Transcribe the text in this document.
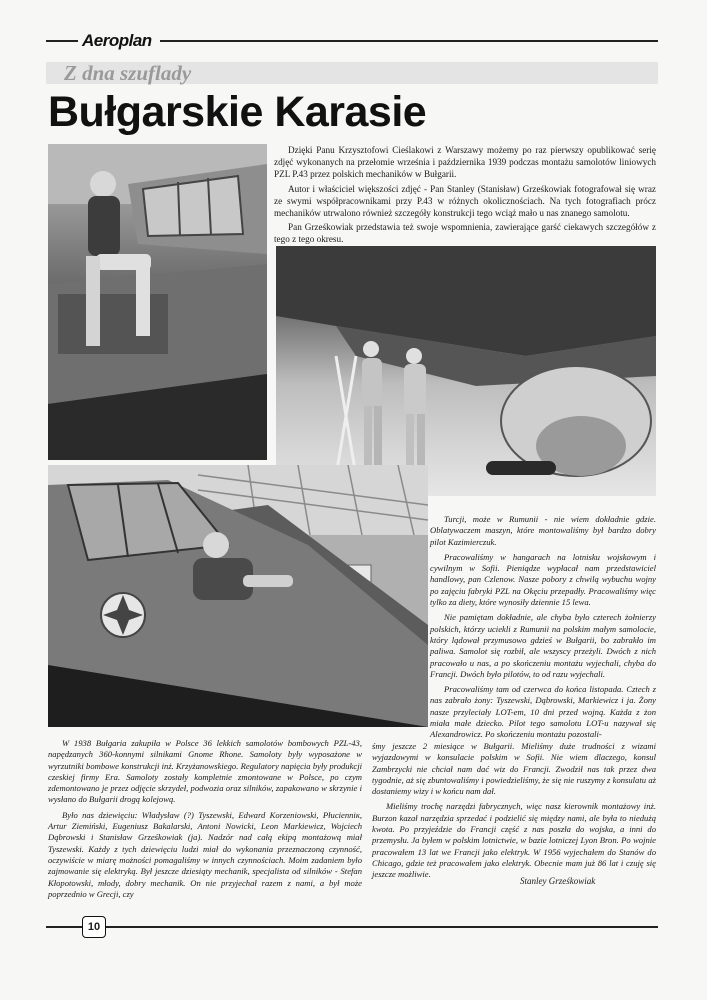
Aeroplan
Z dna szuflady
Bułgarskie Karasie

Dzięki Panu Krzysztofowi Cieślakowi z Warszawy możemy po raz pierwszy opublikować serię zdjęć wykonanych na przełomie września i października 1939 podczas montażu samolotów liniowych PZL P.43 przez polskich mechaników w Bułgarii.

Autor i właściciel większości zdjęć - Pan Stanley (Stanisław) Grześkowiak fotografował się wraz ze swymi współpracownikami przy P.43 w różnych okolicznościach. Na tych fotografiach prócz mechaników utrwalono również szczegóły konstrukcji tego wciąż mało u nas znanego samolotu.

Pan Grześkowiak przedstawia też swoje wspomnienia, zawierające garść ciekawych szczegółów z tego z tego okresu.

Turcji, może w Rumunii - nie wiem dokładnie gdzie. Oblatywaczem maszyn, które montowaliśmy był bardzo dobry pilot Kazimierczuk.

Pracowaliśmy w hangarach na lotnisku wojskowym i cywilnym w Sofii. Pieniądze wypłacał nam przedstawiciel handlowy, pan Czlenow. Nasze pobory z chwilą wybuchu wojny po zajęciu fabryki PZL na Okęciu przepadły. Pracowaliśmy więc tylko za diety, które wynosiły dziennie 15 lewa.

Nie pamiętam dokładnie, ale chyba było czterech żołnierzy polskich, którzy uciekli z Rumunii na polskim małym samolocie, który lądował przymusowo gdzieś w Bułgarii, bo zabrakło im paliwa. Samolot się rozbił, ale wszyscy przeżyli. Dwóch z nich pracowało u nas, a po skończeniu montażu wyjechali, chyba do Francji. Dwóch było pilotów, to od razu wyjechali.

Pracowaliśmy tam od czerwca do końca listopada. Cztech z nas zabrało żony: Tyszewski, Dąbrowski, Markiewicz i ja. Żony nasze przyleciały LOT-em, 10 dni przed wojną. Każda z żon miała małe dziecko. Pilot tego samolotu LOT-u nazywał się Alexandrowicz. Po skończeniu montażu pozostali-

W 1938 Bułgaria zakupiła w Polsce 36 lekkich samolotów bombowych PZL-43, napędzanych 360-konnymi silnikami Gnome Rhone. Samoloty były wyposażone w wyrzutniki bombowe konstrukcji inż. Krzyżanowskiego. Regulatory napięcia były produkcji czeskiej firmy Era. Samoloty zostały kompletnie zmontowane w Polsce, po czym zdemontowano je przez odjęcie skrzydeł, podwozia oraz silników, zapakowano w skrzynie i wysłano do Bułgarii drogą kolejową.

Było nas dziewięciu: Władysław (?) Tyszewski, Edward Korzeniowski, Płucienniк, Artur Ziemiński, Eugeniusz Bakalarski, Antoni Nowicki, Leon Markiewicz, Wojciech Dąbrowski i Stanisław Grześkowiak (ja). Nadzór nad całą ekipą montażową miał Tyszewski. Każdy z tych dziewięciu ludzi miał do wykonania przeznaczoną czynność, oczywiście w miarę możności pomagaliśmy w innych czynnościach. Moim zadaniem było zajmowanie się elektryką. Był jeszcze dziesiąty mechanik, specjalista od silników - Stefan Kłopotowski, młody, dobry mechanik. On nie przyjechał razem z nami, a był może poprzednio w Grecji, czy

śmy jeszcze 2 miesiące w Bułgarii. Mieliśmy duże trudności z wizami wyjazdowymi w konsulacie polskim w Sofii. Nie wiem dlaczego, konsul Zambrzycki nie chciał nam dać wiz do Francji. Zwodził nas tak przez dwa tygodnie, aż się zbuntowaliśmy i powiedzieliśmy, że się nie ruszymy z konsulatu aż dostaniemy wizy i w końcu nam dał.

Mieliśmy trochę narzędzi fabrycznych, więc nasz kierownik montażowy inż. Burzon kazał narzędzia sprzedać i podzielić się między nami, ale była to niedużą kwota. Po przyjeździe do Francji część z nas poszła do wojska, a inni do przemysłu. Ja byłem w polskim lotnictwie, w bazie lotniczej Lyon Bron. Po wojnie pracowałem 13 lat we Francji jako elektryk. W 1956 wyjechałem do Stanów do Chicago, gdzie też pracowałem jako elektryk. Obecnie mam już 86 lat i czuję się jeszcze możliwie.

Stanley Grześkowiak
10
